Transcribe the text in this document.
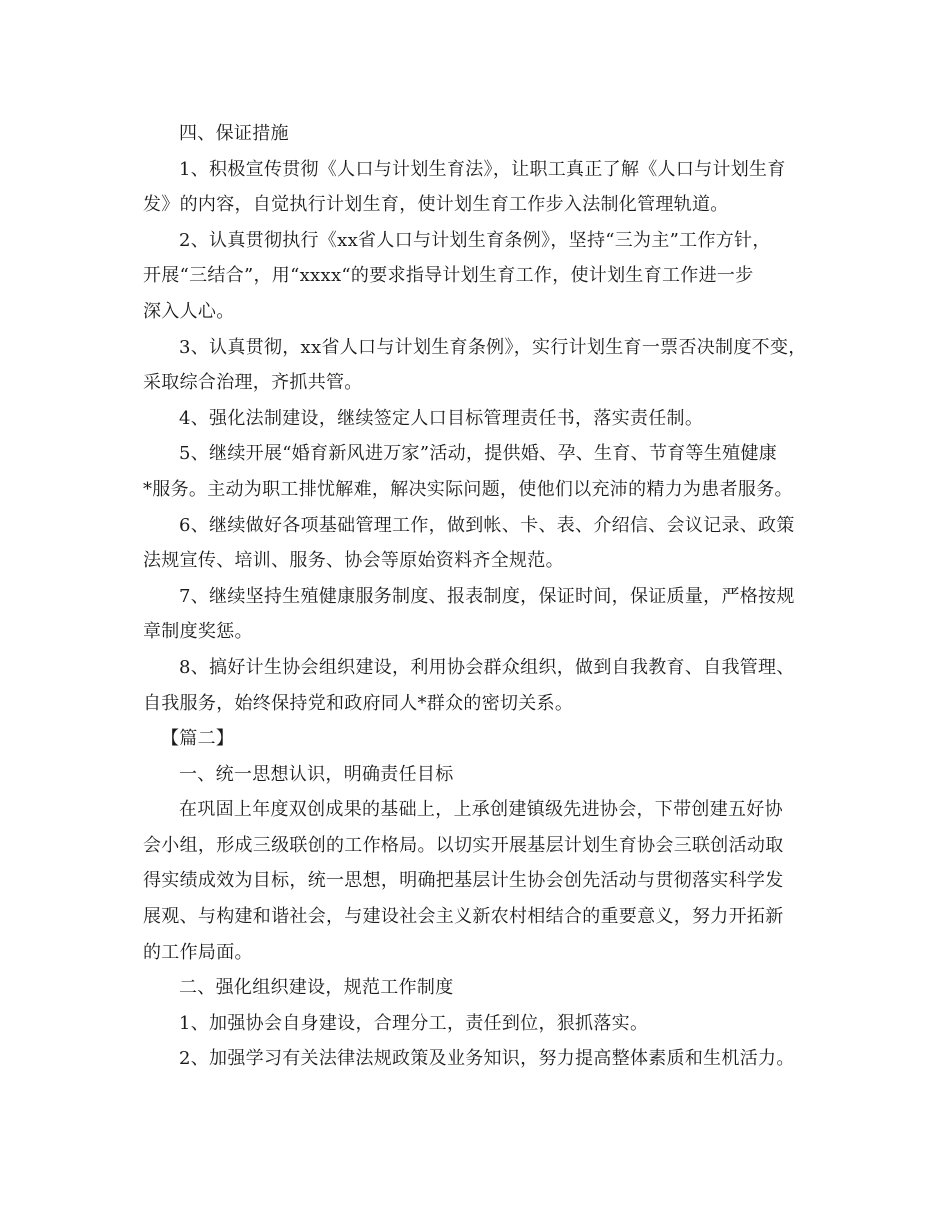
四、保证措施
1、积极宣传贯彻《人口与计划生育法》，让职工真正了解《人口与计划生育
发》的内容，自觉执行计划生育，使计划生育工作步入法制化管理轨道。
2、认真贯彻执行《xx省人口与计划生育条例》，坚持“三为主”工作方针，
开展“三结合”，用“xxxx“的要求指导计划生育工作，使计划生育工作进一步
深入人心。
3、认真贯彻，xx省人口与计划生育条例》，实行计划生育一票否决制度不变，
采取综合治理，齐抓共管。
4、强化法制建设，继续签定人口目标管理责任书，落实责任制。
5、继续开展“婚育新风进万家”活动，提供婚、孕、生育、节育等生殖健康
*服务。主动为职工排忧解难，解决实际问题，使他们以充沛的精力为患者服务。
6、继续做好各项基础管理工作，做到帐、卡、表、介绍信、会议记录、政策
法规宣传、培训、服务、协会等原始资料齐全规范。
7、继续坚持生殖健康服务制度、报表制度，保证时间，保证质量，严格按规
章制度奖惩。
8、搞好计生协会组织建设，利用协会群众组织，做到自我教育、自我管理、
自我服务，始终保持党和政府同人*群众的密切关系。
【篇二】
一、统一思想认识，明确责任目标
在巩固上年度双创成果的基础上，上承创建镇级先进协会，下带创建五好协
会小组，形成三级联创的工作格局。以切实开展基层计划生育协会三联创活动取
得实绩成效为目标，统一思想，明确把基层计生协会创先活动与贯彻落实科学发
展观、与构建和谐社会，与建设社会主义新农村相结合的重要意义，努力开拓新
的工作局面。
二、强化组织建设，规范工作制度
1、加强协会自身建设，合理分工，责任到位，狠抓落实。
2、加强学习有关法律法规政策及业务知识，努力提高整体素质和生机活力。
